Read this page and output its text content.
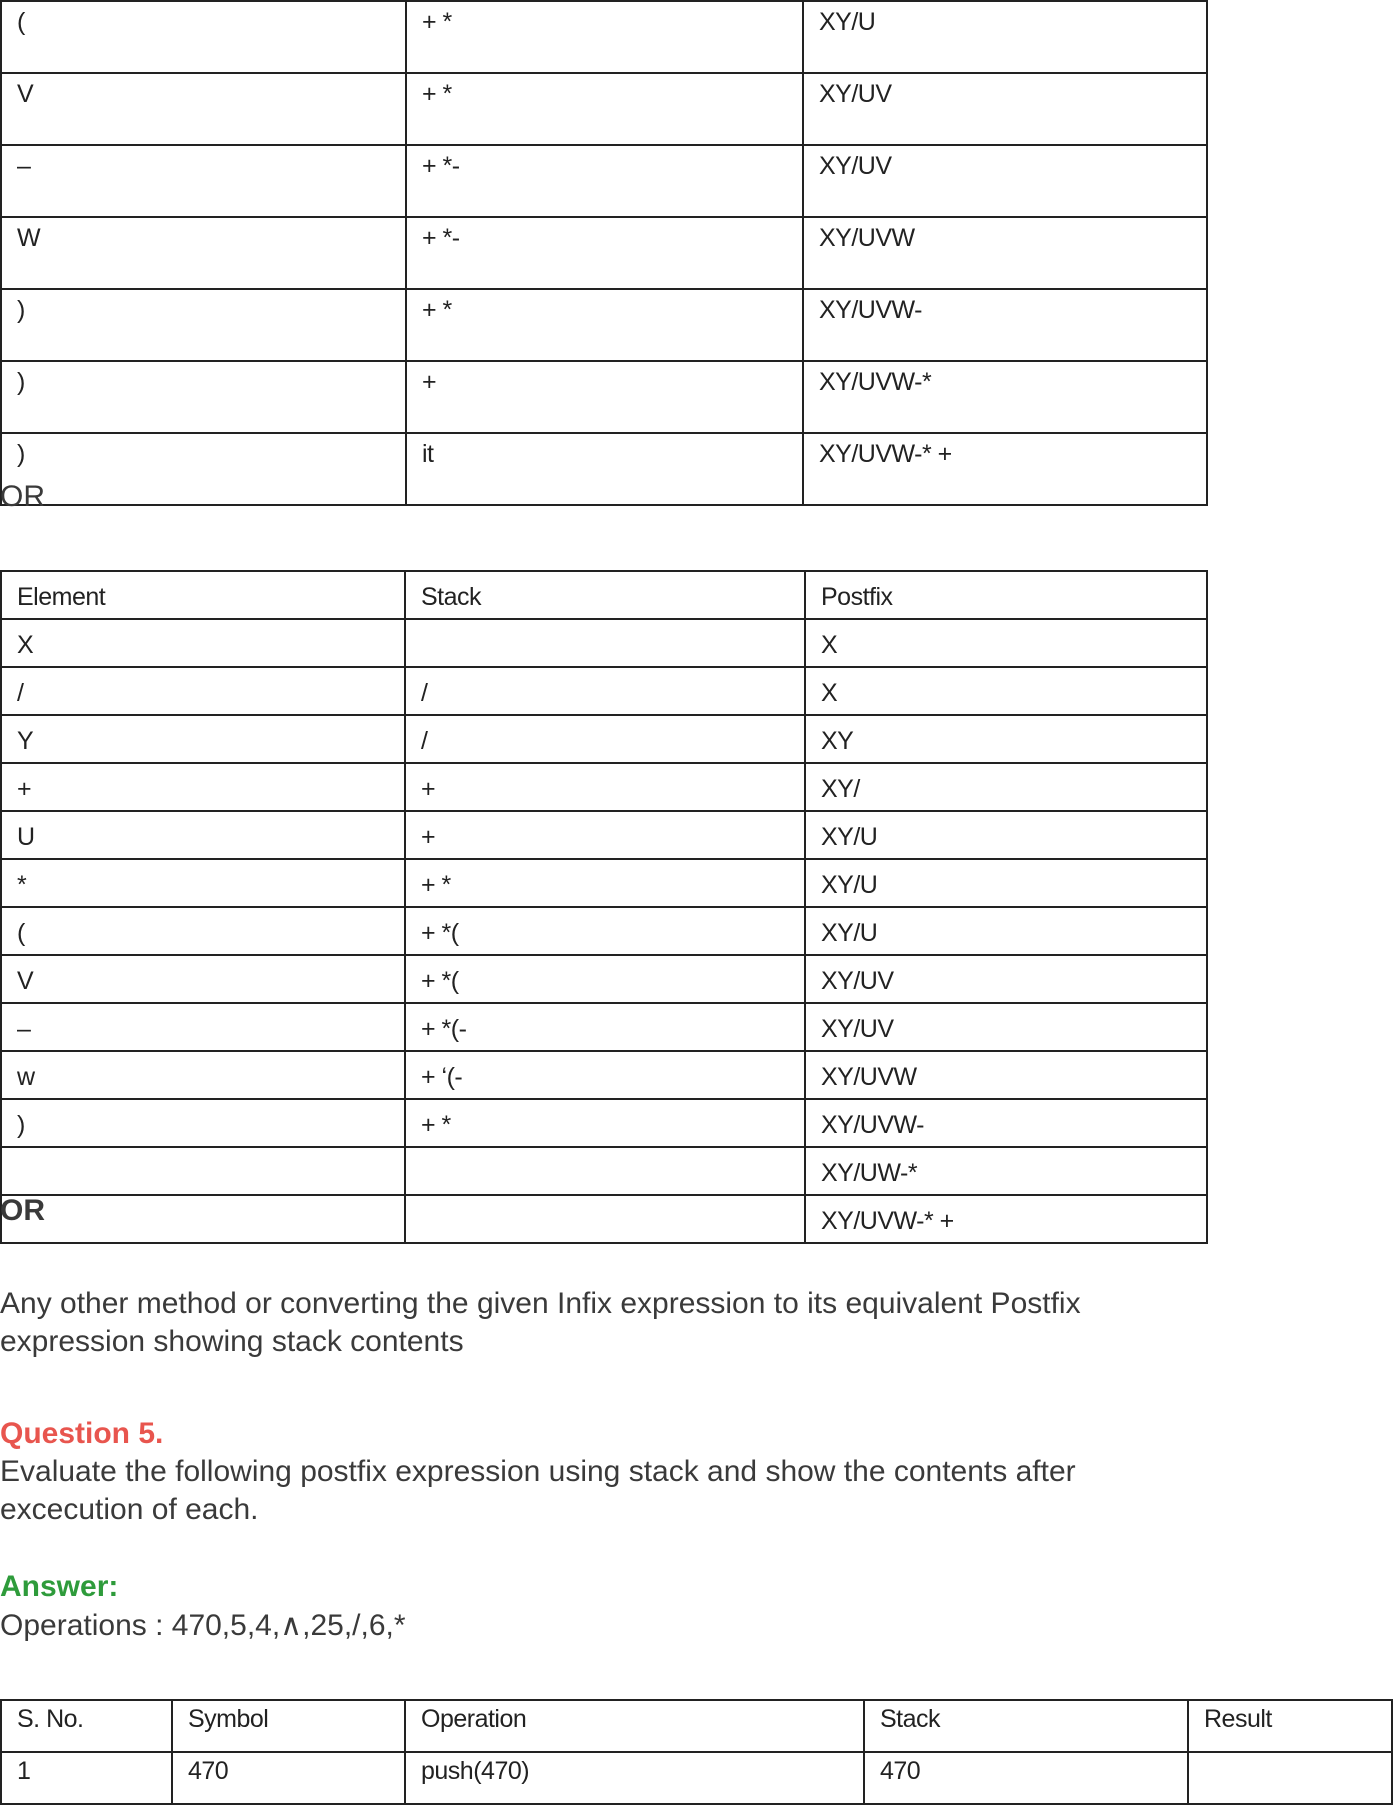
(	+ *	XY/U
V	+ *	XY/UV
–	+ *-	XY/UV
W	+ *-	XY/UVW
)	+ *	XY/UVW-
)	+	XY/UVW-*
)	it	XY/UVW-* +
OR
Element	Stack	Postfix
X		X
/	/	X
Y	/	XY
+	+	XY/
U	+	XY/U
*	+ *	XY/U
(	+ *(	XY/U
V	+ *(	XY/UV
–	+ *(-	XY/UV
w	+ ‘(-	XY/UVW
)	+ *	XY/UVW-
		XY/UW-*
		XY/UVW-* +
OR
Any other method or converting the given Infix expression to its equivalent Postfix
expression showing stack contents
Question 5.
Evaluate the following postfix expression using stack and show the contents after
excecution of each.
Answer:
Operations : 470,5,4,∧,25,/,6,*
S. No.	Symbol	Operation	Stack	Result
1	470	push(470)	470	
